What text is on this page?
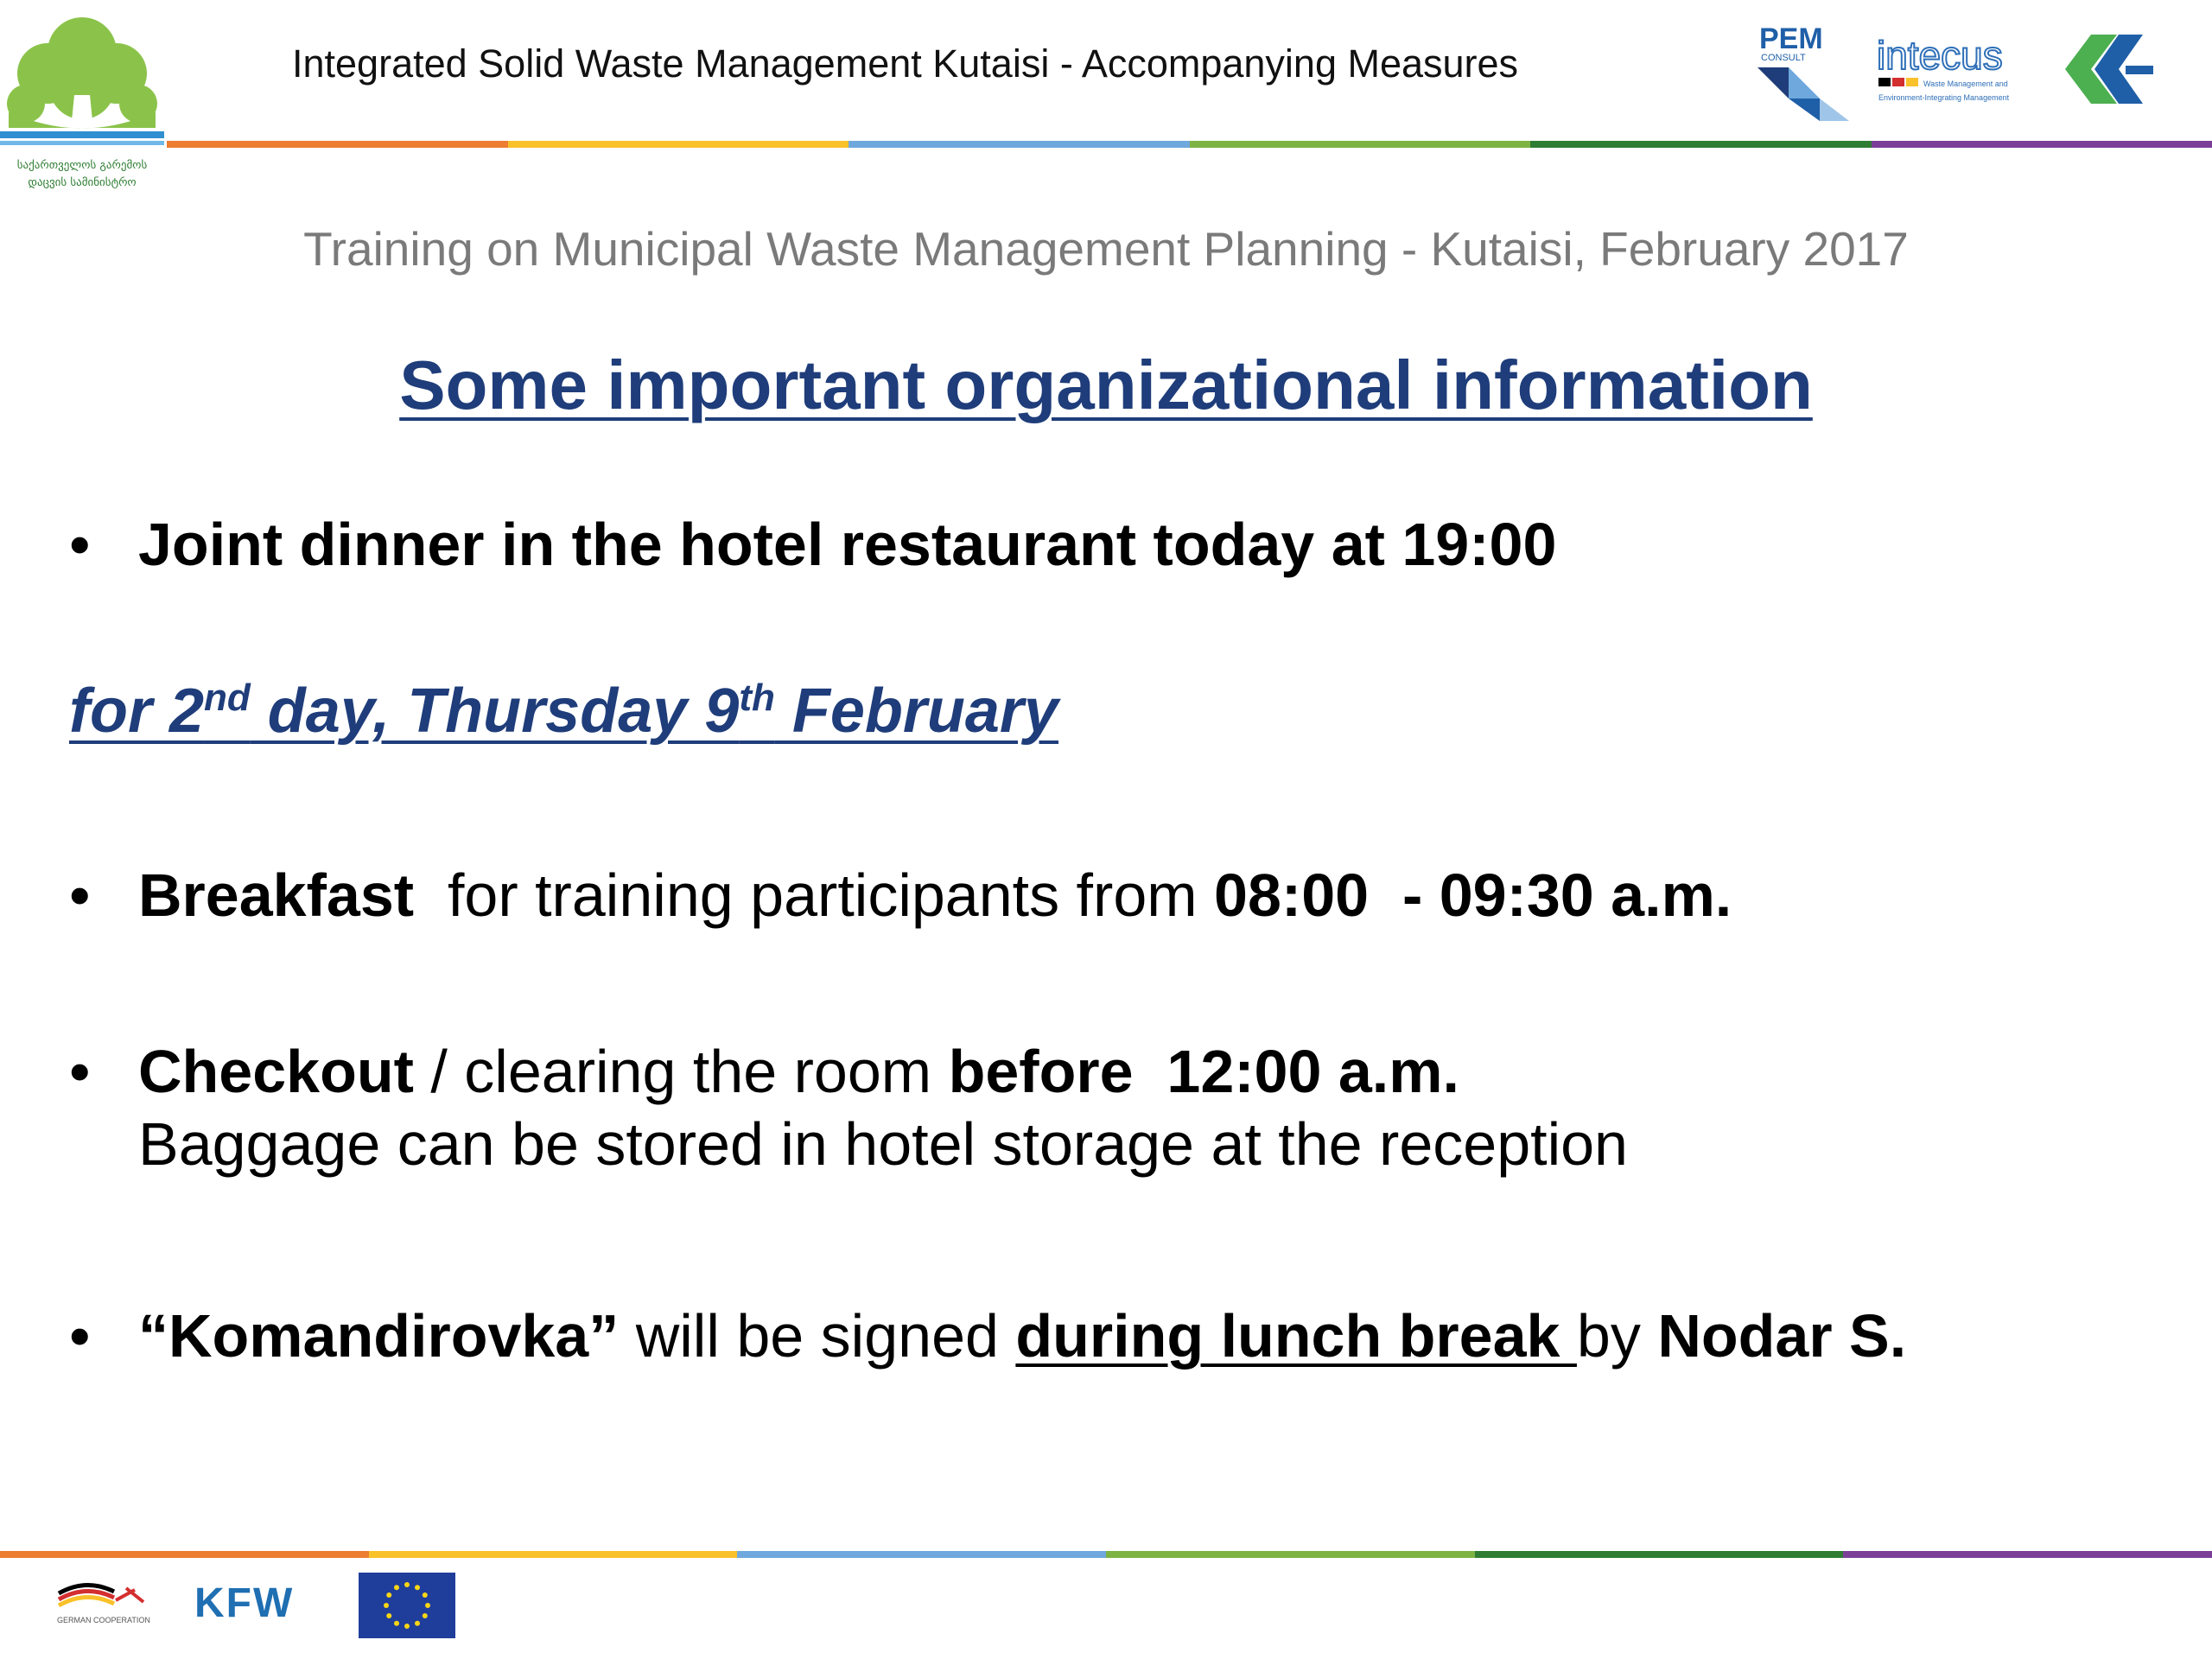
საქართველოს გარემოს
დაცვის სამინისტრო
Integrated Solid Waste Management Kutaisi - Accompanying Measures
PEM
CONSULT intecus
Waste Management and
Environment-Integrating Management
Training on Municipal Waste Management Planning - Kutaisi, February 2017
Some important organizational information
• Joint dinner in the hotel restaurant today at 19:00
for 2nd day, Thursday 9th February
• Breakfast  for training participants from 08:00  - 09:30 a.m.
• Checkout / clearing the room before  12:00 a.m.
Baggage can be stored in hotel storage at the reception
• “Komandirovka” will be signed during lunch break by Nodar S.
GERMAN COOPERATION KFW
